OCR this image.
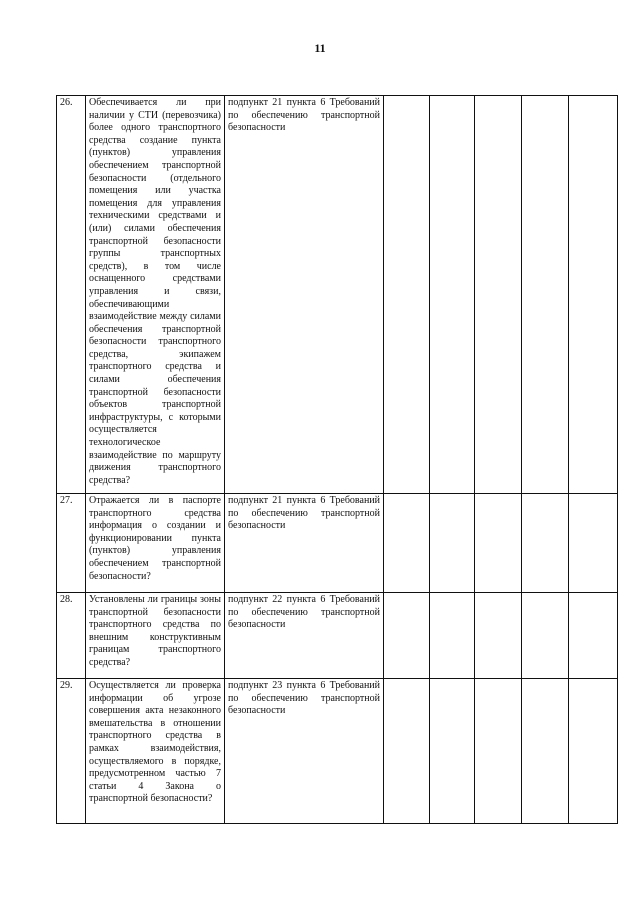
11
26.	Обеспечивается ли при наличии у СТИ (перевозчика) более одного транспортного средства создание пункта (пунктов) управления обеспечением транспортной безопасности (отдельного помещения или участка помещения для управления техническими средствами и (или) силами обеспечения транспортной безопасности группы транспортных средств), в том числе оснащенного средствами управления и связи, обеспечивающими взаимодействие между силами обеспечения транспортной безопасности транспортного средства, экипажем транспортного средства и силами обеспечения транспортной безопасности объектов транспортной инфраструктуры, с которыми осуществляется технологическое взаимодействие по маршруту движения транспортного средства?	подпункт 21 пункта 6 Требований по обеспечению транспортной безопасности					
27.	Отражается ли в паспорте транспортного средства информация о создании и функционировании пункта (пунктов) управления обеспечением транспортной безопасности?	подпункт 21 пункта 6 Требований по обеспечению транспортной безопасности					
28.	Установлены ли границы зоны транспортной безопасности транспортного средства по внешним конструктивным границам транспортного средства?	подпункт 22 пункта 6 Требований по обеспечению транспортной безопасности					
29.	Осуществляется ли проверка информации об угрозе совершения акта незаконного вмешательства в отношении транспортного средства в рамках взаимодействия, осуществляемого в порядке, предусмотренном частью 7 статьи 4 Закона о транспортной безопасности?	подпункт 23 пункта 6 Требований по обеспечению транспортной безопасности					
